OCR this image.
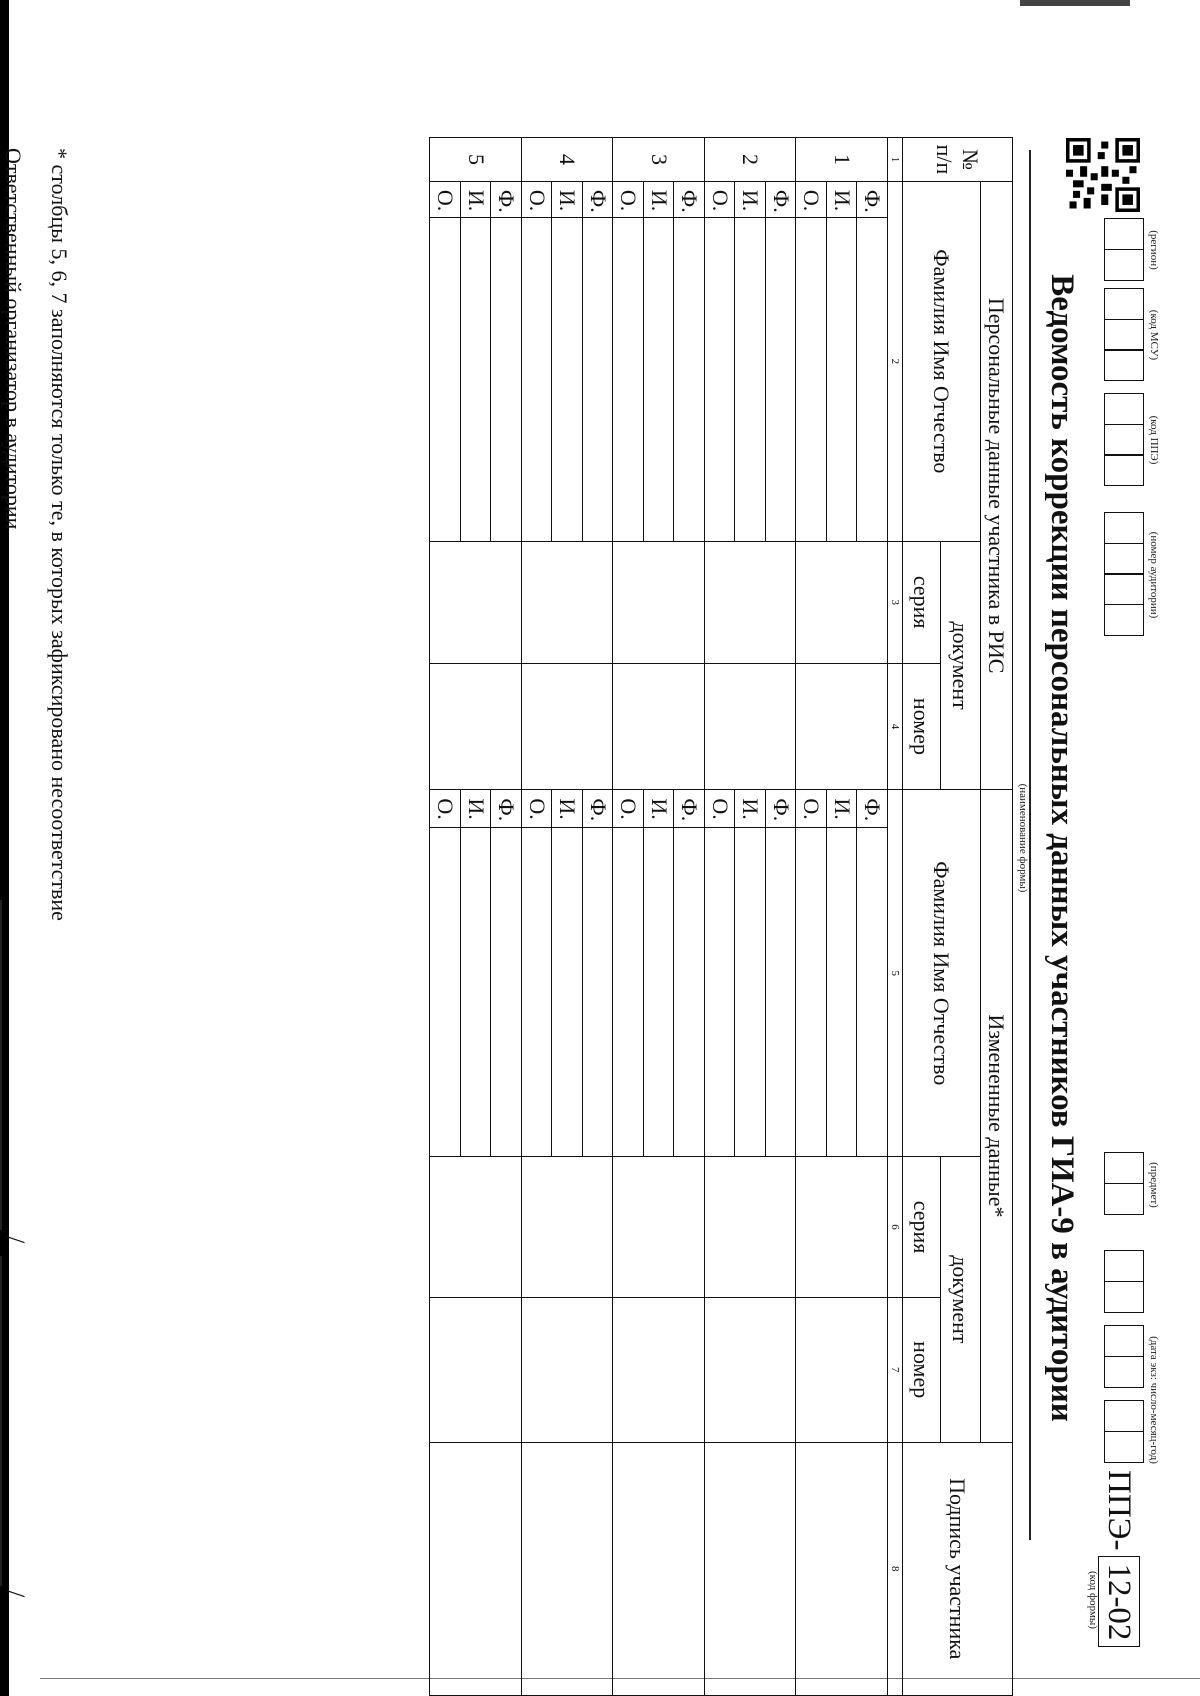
(регион)
(код МСУ)
(код ППЭ)
(номер аудитории)
(предмет)
(дата экз: число-месяц-год)
ППЭ-
12-02
(код формы)
Ведомость коррекции персональных данных участников ГИА-9 в аудитории
(наименование формы)
№ п/п	Персональные данные участника в РИС				Измененные данные*				Подпись участника
	Фамилия Имя Отчество		документ		Фамилия Имя Отчество		документ		
			серия	номер			серия	номер	
1	2		3	4	5		6	7	8
1	Ф.				Ф.				
	И.				И.				
	О.				О.				
2	Ф.				Ф.				
	И.				И.				
	О.				О.				
3	Ф.				Ф.				
	И.				И.				
	О.				О.				
4	Ф.				Ф.				
	И.				И.				
	О.				О.				
5	Ф.				Ф.				
	И.				И.				
	О.				О.				
* столбцы 5, 6, 7 заполняются только те, в которых зафиксировано несоответствие
Ответственный организатор в аудитории
/
/
